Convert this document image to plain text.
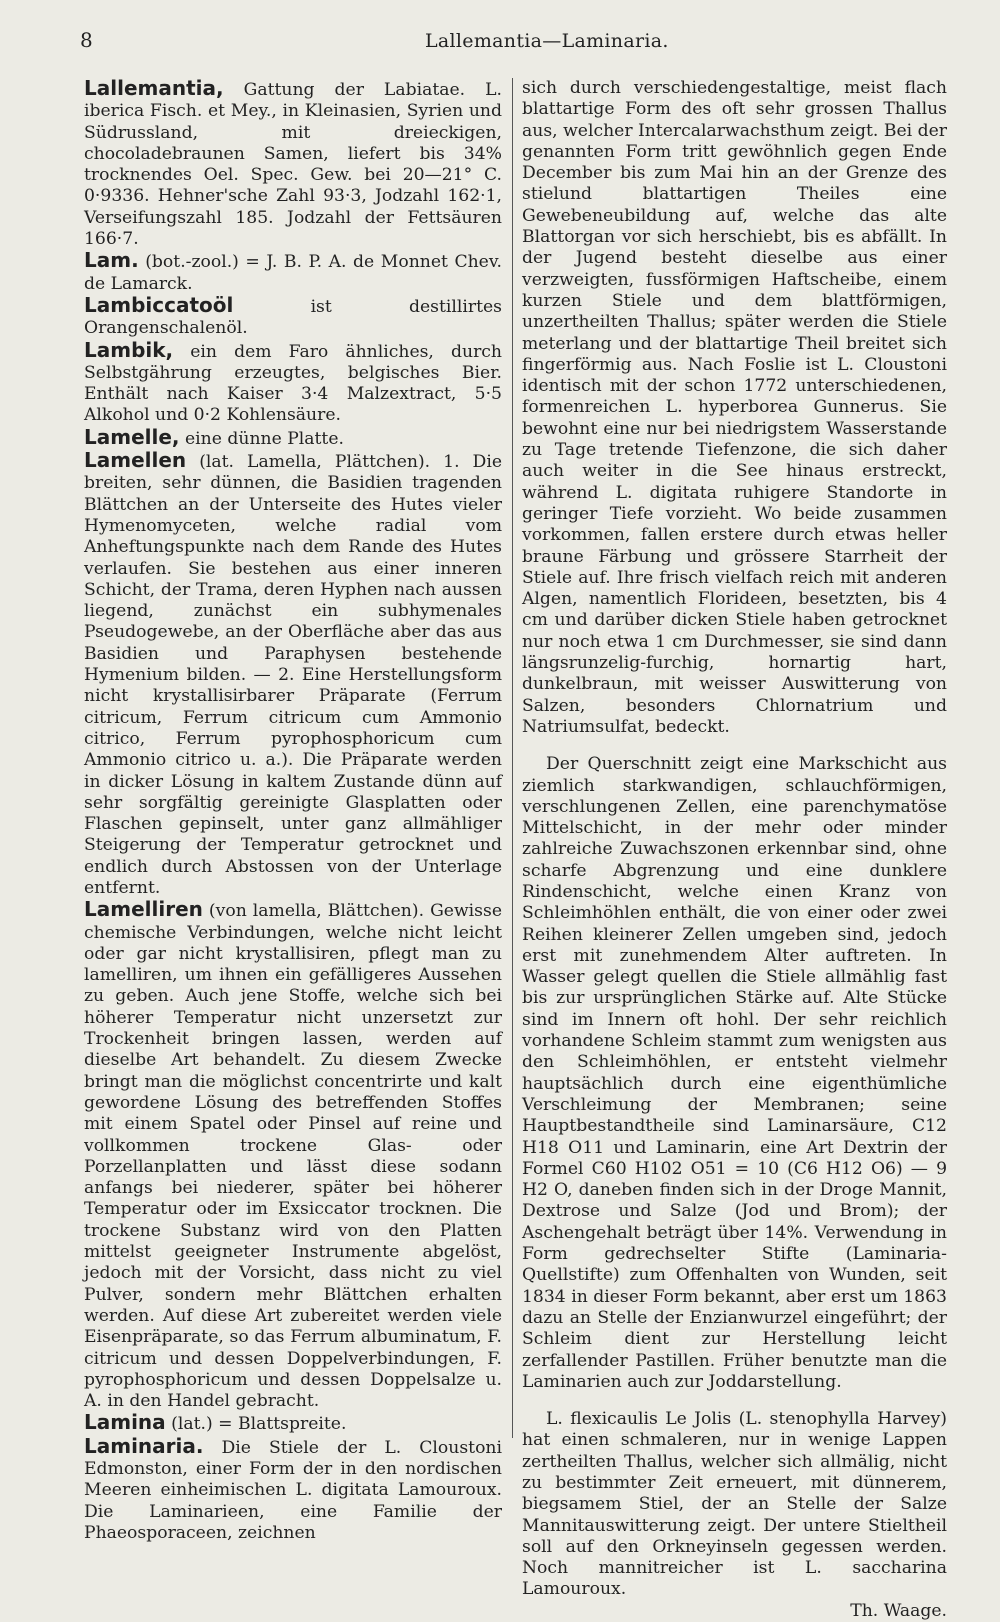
8	Lallemantia—Laminaria.

Lallemantia, Gattung der Labiatae. L. iberica Fisch. et Mey., in Kleinasien, Syrien und Südrussland, mit dreieckigen, chocoladebraunen Samen, liefert bis 34% trocknendes Oel. Spec. Gew. bei 20—21° C. 0·9336. Hehner'sche Zahl 93·3, Jodzahl 162·1, Verseifungszahl 185. Jodzahl der Fettsäuren 166·7.

Lam. (bot.-zool.) = J. B. P. A. de Monnet Chev. de Lamarck.

Lambiccatoöl ist destillirtes Orangenschalenöl.

Lambik, ein dem Faro ähnliches, durch Selbstgährung erzeugtes, belgisches Bier. Enthält nach Kaiser 3·4 Malzextract, 5·5 Alkohol und 0·2 Kohlensäure.

Lamelle, eine dünne Platte.

Lamellen (lat. Lamella, Plättchen). 1. Die breiten, sehr dünnen, die Basidien tragenden Blättchen an der Unterseite des Hutes vieler Hymenomyceten, welche radial vom Anheftungspunkte nach dem Rande des Hutes verlaufen. Sie bestehen aus einer inneren Schicht, der Trama, deren Hyphen nach aussen liegend, zunächst ein subhymenales Pseudogewebe, an der Oberfläche aber das aus Basidien und Paraphysen bestehende Hymenium bilden. — 2. Eine Herstellungsform nicht krystallisirbarer Präparate (Ferrum citricum, Ferrum citricum cum Ammonio citrico, Ferrum pyrophosphoricum cum Ammonio citrico u. a.). Die Präparate werden in dicker Lösung in kaltem Zustande dünn auf sehr sorgfältig gereinigte Glasplatten oder Flaschen gepinselt, unter ganz allmähliger Steigerung der Temperatur getrocknet und endlich durch Abstossen von der Unterlage entfernt.

Lamelliren (von lamella, Blättchen). Gewisse chemische Verbindungen, welche nicht leicht oder gar nicht krystallisiren, pflegt man zu lamelliren, um ihnen ein gefälligeres Aussehen zu geben. Auch jene Stoffe, welche sich bei höherer Temperatur nicht unzersetzt zur Trockenheit bringen lassen, werden auf dieselbe Art behandelt. Zu diesem Zwecke bringt man die möglichst concentrirte und kalt gewordene Lösung des betreffenden Stoffes mit einem Spatel oder Pinsel auf reine und vollkommen trockene Glas- oder Porzellanplatten und lässt diese sodann anfangs bei niederer, später bei höherer Temperatur oder im Exsiccator trocknen. Die trockene Substanz wird von den Platten mittelst geeigneter Instrumente abgelöst, jedoch mit der Vorsicht, dass nicht zu viel Pulver, sondern mehr Blättchen erhalten werden. Auf diese Art zubereitet werden viele Eisenpräparate, so das Ferrum albuminatum, F. citricum und dessen Doppelverbindungen, F. pyrophosphoricum und dessen Doppelsalze u. A. in den Handel gebracht.

Lamina (lat.) = Blattspreite.

Laminaria. Die Stiele der L. Cloustoni Edmonston, einer Form der in den nordischen Meeren einheimischen L. digitata Lamouroux. Die Laminarieen, eine Familie der Phaeosporaceen, zeichnen

sich durch verschiedengestaltige, meist flach blattartige Form des oft sehr grossen Thallus aus, welcher Intercalarwachsthum zeigt. Bei der genannten Form tritt gewöhnlich gegen Ende December bis zum Mai hin an der Grenze des stielund blattartigen Theiles eine Gewebeneubildung auf, welche das alte Blattorgan vor sich herschiebt, bis es abfällt. In der Jugend besteht dieselbe aus einer verzweigten, fussförmigen Haftscheibe, einem kurzen Stiele und dem blattförmigen, unzertheilten Thallus; später werden die Stiele meterlang und der blattartige Theil breitet sich fingerförmig aus. Nach Foslie ist L. Cloustoni identisch mit der schon 1772 unterschiedenen, formenreichen L. hyperborea Gunnerus. Sie bewohnt eine nur bei niedrigstem Wasserstande zu Tage tretende Tiefenzone, die sich daher auch weiter in die See hinaus erstreckt, während L. digitata ruhigere Standorte in geringer Tiefe vorzieht. Wo beide zusammen vorkommen, fallen erstere durch etwas heller braune Färbung und grössere Starrheit der Stiele auf. Ihre frisch vielfach reich mit anderen Algen, namentlich Florideen, besetzten, bis 4 cm und darüber dicken Stiele haben getrocknet nur noch etwa 1 cm Durchmesser, sie sind dann längsrunzelig-furchig, hornartig hart, dunkelbraun, mit weisser Auswitterung von Salzen, besonders Chlornatrium und Natriumsulfat, bedeckt.

Der Querschnitt zeigt eine Markschicht aus ziemlich starkwandigen, schlauchförmigen, verschlungenen Zellen, eine parenchymatöse Mittelschicht, in der mehr oder minder zahlreiche Zuwachszonen erkennbar sind, ohne scharfe Abgrenzung und eine dunklere Rindenschicht, welche einen Kranz von Schleimhöhlen enthält, die von einer oder zwei Reihen kleinerer Zellen umgeben sind, jedoch erst mit zunehmendem Alter auftreten. In Wasser gelegt quellen die Stiele allmählig fast bis zur ursprünglichen Stärke auf. Alte Stücke sind im Innern oft hohl. Der sehr reichlich vorhandene Schleim stammt zum wenigsten aus den Schleimhöhlen, er entsteht vielmehr hauptsächlich durch eine eigenthümliche Verschleimung der Membranen; seine Hauptbestandtheile sind Laminarsäure, C12 H18 O11 und Laminarin, eine Art Dextrin der Formel C60 H102 O51 = 10 (C6 H12 O6) — 9 H2 O, daneben finden sich in der Droge Mannit, Dextrose und Salze (Jod und Brom); der Aschengehalt beträgt über 14%. Verwendung in Form gedrechselter Stifte (Laminaria-Quellstifte) zum Offenhalten von Wunden, seit 1834 in dieser Form bekannt, aber erst um 1863 dazu an Stelle der Enzianwurzel eingeführt; der Schleim dient zur Herstellung leicht zerfallender Pastillen. Früher benutzte man die Laminarien auch zur Joddarstellung.

L. flexicaulis Le Jolis (L. stenophylla Harvey) hat einen schmaleren, nur in wenige Lappen zertheilten Thallus, welcher sich allmälig, nicht zu bestimmter Zeit erneuert, mit dünnerem, biegsamem Stiel, der an Stelle der Salze Mannitauswitterung zeigt. Der untere Stieltheil soll auf den Orkneyinseln gegessen werden. Noch mannitreicher ist L. saccharina Lamouroux.

Th. Waage.
